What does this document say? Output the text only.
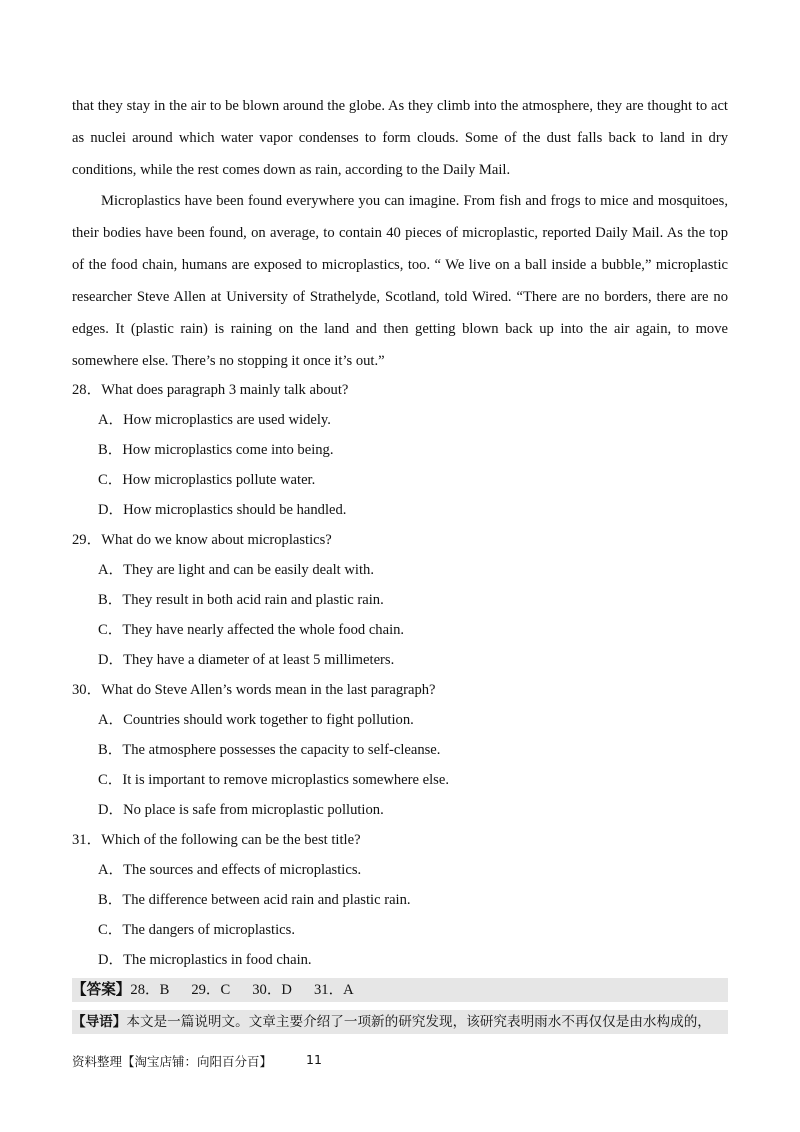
that they stay in the air to be blown around the globe. As they climb into the atmosphere, they are thought to act as nuclei around which water vapor condenses to form clouds. Some of the dust falls back to land in dry conditions, while the rest comes down as rain, according to the Daily Mail.

Microplastics have been found everywhere you can imagine. From fish and frogs to mice and mosquitoes, their bodies have been found, on average, to contain 40 pieces of microplastic, reported Daily Mail. As the top of the food chain, humans are exposed to microplastics, too. “ We live on a ball inside a bubble,” microplastic researcher Steve Allen at University of Strathelyde, Scotland, told Wired. “There are no borders, there are no edges. It (plastic rain) is raining on the land and then getting blown back up into the air again, to move somewhere else. There’s no stopping it once it’s out.”

28．What does paragraph 3 mainly talk about?
A．How microplastics are used widely.
B．How microplastics come into being.
C．How microplastics pollute water.
D．How microplastics should be handled.
29．What do we know about microplastics?
A．They are light and can be easily dealt with.
B．They result in both acid rain and plastic rain.
C．They have nearly affected the whole food chain.
D．They have a diameter of at least 5 millimeters.
30．What do Steve Allen’s words mean in the last paragraph?
A．Countries should work together to fight pollution.
B．The atmosphere possesses the capacity to self-cleanse.
C．It is important to remove microplastics somewhere else.
D．No place is safe from microplastic pollution.
31．Which of the following can be the best title?
A．The sources and effects of microplastics.
B．The difference between acid rain and plastic rain.
C．The dangers of microplastics.
D．The microplastics in food chain.
【答案】28．B 29．C 30．D 31．A
【导语】本文是一篇说明文。文章主要介绍了一项新的研究发现，该研究表明雨水不再仅仅是由水构成的，
资料整理【淘宝店铺：向阳百分百】	11
